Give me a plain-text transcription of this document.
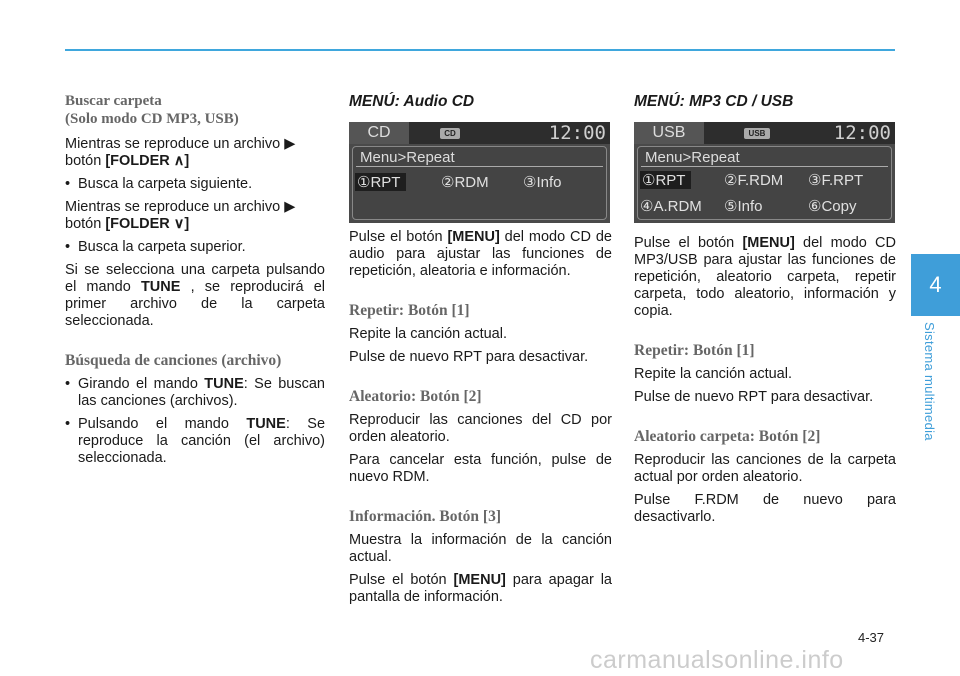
4
Sistema multimedia
Buscar carpeta
(Solo modo CD MP3, USB)

Mientras se reproduce un archivo ▶ botón [FOLDER ∧]

• Busca la carpeta siguiente.

Mientras se reproduce un archivo ▶ botón [FOLDER ∨]

• Busca la carpeta superior.

Si se selecciona una carpeta pulsando el mando TUNE , se reproducirá el primer archivo de la carpeta seleccionada.

Búsqueda de canciones (archivo)
• Girando el mando TUNE: Se buscan las canciones (archivos).
• Pulsando el mando TUNE: Se reproduce la canción (el archivo) seleccionada.
MENÚ: Audio CD
CD	CD	12:00
Menu>Repeat
①RPT	②RDM ③Info

Pulse el botón [MENU] del modo CD de audio para ajustar las funciones de repetición, aleatoria e información.

Repetir: Botón [1]

Repite la canción actual.

Pulse de nuevo RPT para desactivar.

Aleatorio: Botón [2]

Reproducir las canciones del CD por orden aleatorio.

Para cancelar esta función, pulse de nuevo RDM.

Información. Botón [3]

Muestra la información de la canción actual.

Pulse el botón [MENU] para apagar la pantalla de información.

MENÚ: MP3 CD / USB
USB	USB	12:00
Menu>Repeat
①RPT	②F.RDM ③F.RPT
④A.RDM ⑤Info	⑥Copy

Pulse el botón [MENU] del modo CD MP3/USB para ajustar las funciones de repetición, aleatorio carpeta, repetir carpeta, todo aleatorio, información y copia.

Repetir: Botón [1]

Repite la canción actual.

Pulse de nuevo RPT para desactivar.

Aleatorio carpeta: Botón [2]

Reproducir las canciones de la carpeta actual por orden aleatorio.

Pulse F.RDM de nuevo para desactivarlo.

4-37
carmanualsonline.info
